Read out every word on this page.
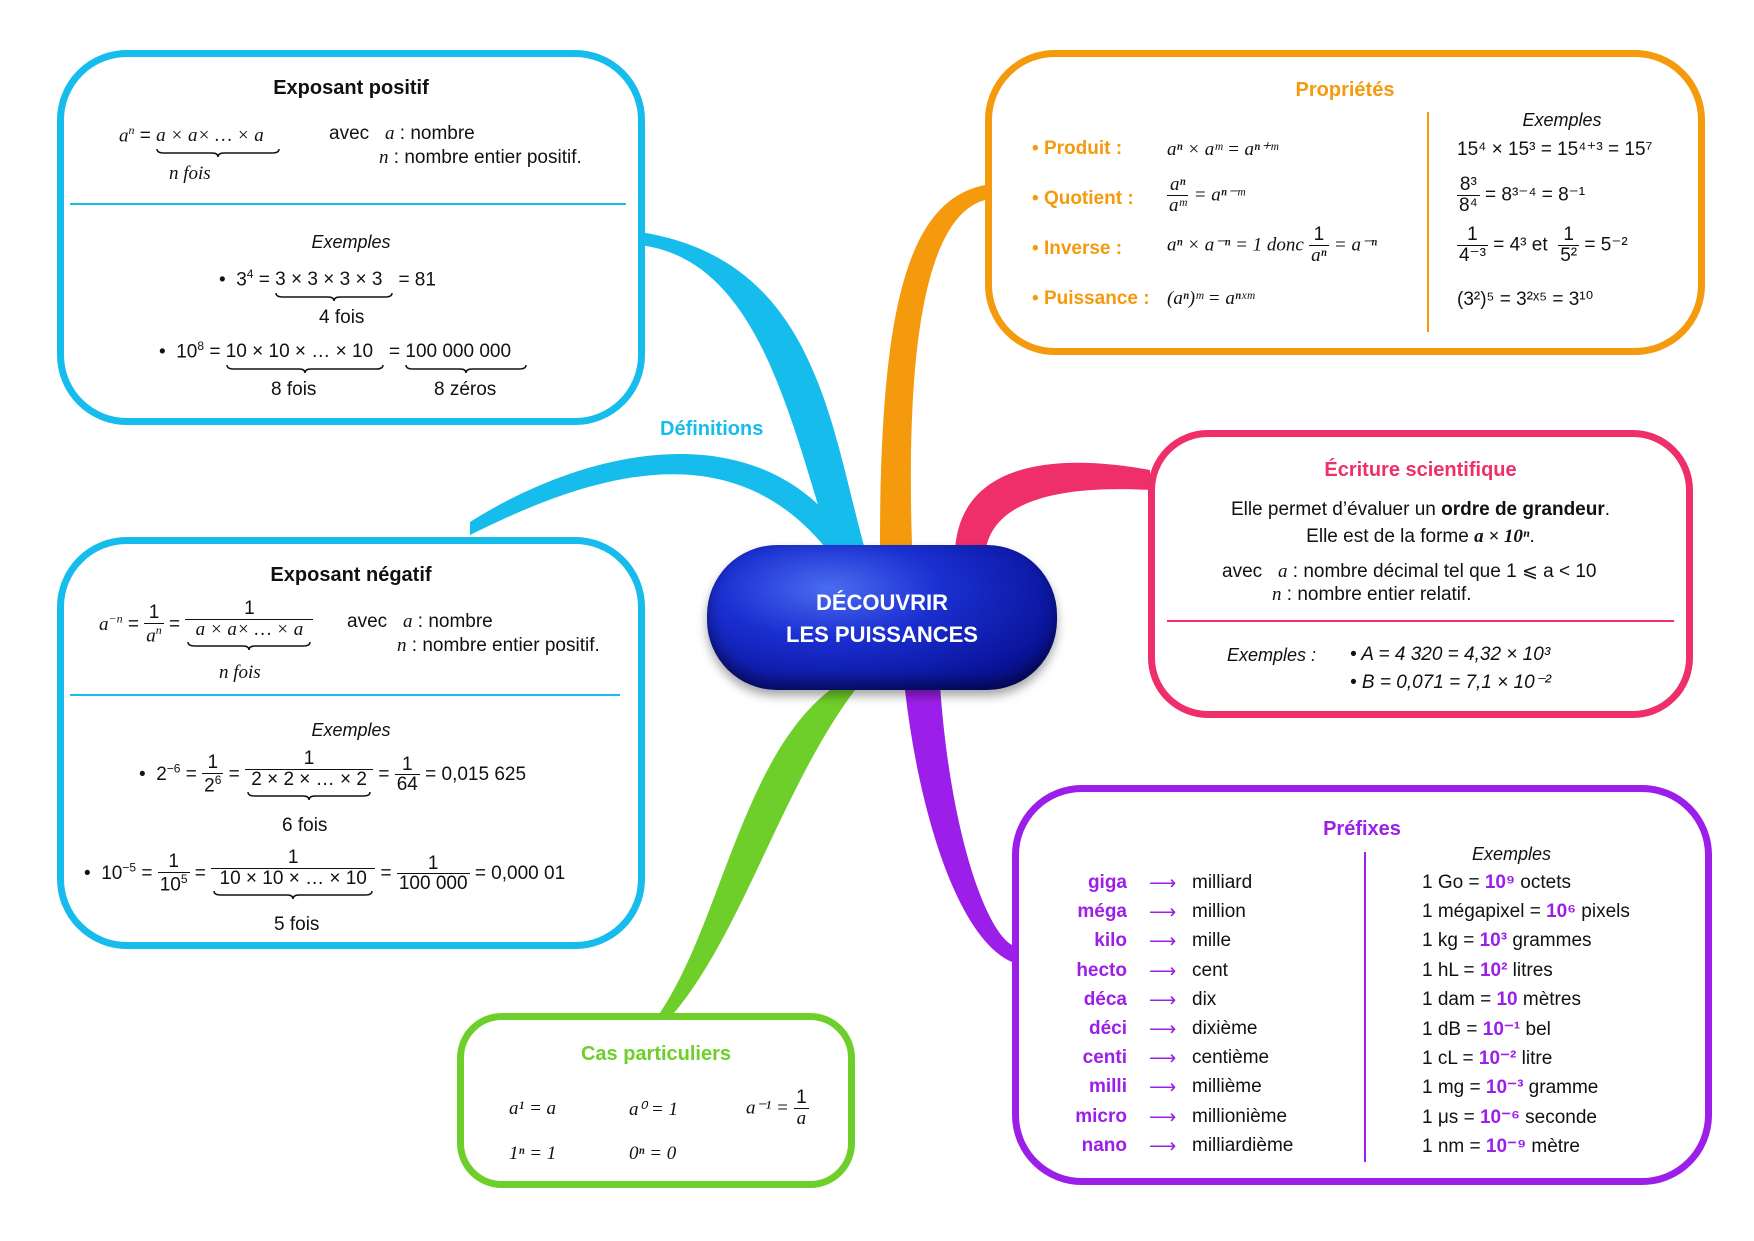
Définitions
DÉCOUVRIR
LES PUISSANCES
Exposant positif
$a^n = a \times a\times$ … × a
n fois
avec a : nombre
n : nombre entier positif.
Exemples
• $3^4 = 3 \times 3 \times 3 \times 3 = 81$
4 fois
• $10^8 = 10 \times 10$ × … × 10 = 100 000 000
8 fois	8 zéros
Exposant négatif
$a^{-n} = \frac{1}{a^n} = \frac{1}{a \times a\times \dots \times a}$
n fois
avec a : nombre
n : nombre entier positif.
Exemples
• $2^{-6} = \frac{1}{2^6} = \frac{1}{2 \times 2 \times \dots \times 2} = \frac{1}{64} = 0,015$ 625
6 fois
• $10^{-5} = \frac{1}{10^5} = \frac{1}{10 \times 10 \times \dots \times 10} = \frac{1}{100 000} = 0,000$ 01
5 fois
Cas particuliers
a¹ = a	a⁰ = 1	$a^{-1} = \frac{1}{a}$
1ⁿ = 1	0ⁿ = 0
Propriétés
Exemples
• Produit : aⁿ × aᵐ = aⁿ⁺ᵐ	15⁴ × 15³ = 15⁴⁺³ = 15⁷
• Quotient : $\frac{\text{aⁿ}}{\text{aᵐ}}$ = aⁿ⁻ᵐ	$\frac{\text{8³}}{\text{8⁴}} = 8^{3-4} = 8^{-1}$
• Inverse : aⁿ × a⁻ⁿ = 1 donc $\frac{1}{\text{aⁿ}} = a^{-n}$	$\frac{1}{\text{4⁻³}} = 4^3$ et $\frac{1}{\text{5²}} = 5^{-2}$
• Puissance : (aⁿ)ᵐ = aⁿˣᵐ	(3²)⁵ = 3²ˣ⁵ = 3¹⁰
Écriture scientifique
Elle permet d’évaluer un ordre de grandeur.
Elle est de la forme a × 10ⁿ.
avec a : nombre décimal tel que 1 ⩽ a < 10
n : nombre entier relatif.
Exemples : • A = 4 320 = 4,32 × 10³
• B = 0,071 = 7,1 × 10⁻²
Préfixes
Exemples
giga ⟶ milliard	1 Go = 10⁹ octets
méga ⟶ million	1 mégapixel = 10⁶ pixels
kilo ⟶ mille	1 kg = 10³ grammes
hecto ⟶ cent	1 hL = 10² litres
déca ⟶ dix	1 dam = 10 mètres
déci ⟶ dixième	1 dB = 10⁻¹ bel
centi ⟶ centième	1 cL = 10⁻² litre
milli ⟶ millième	1 mg = 10⁻³ gramme
micro ⟶ millionième	1 μs = 10⁻⁶ seconde
nano ⟶ milliardième	1 nm = 10⁻⁹ mètre
